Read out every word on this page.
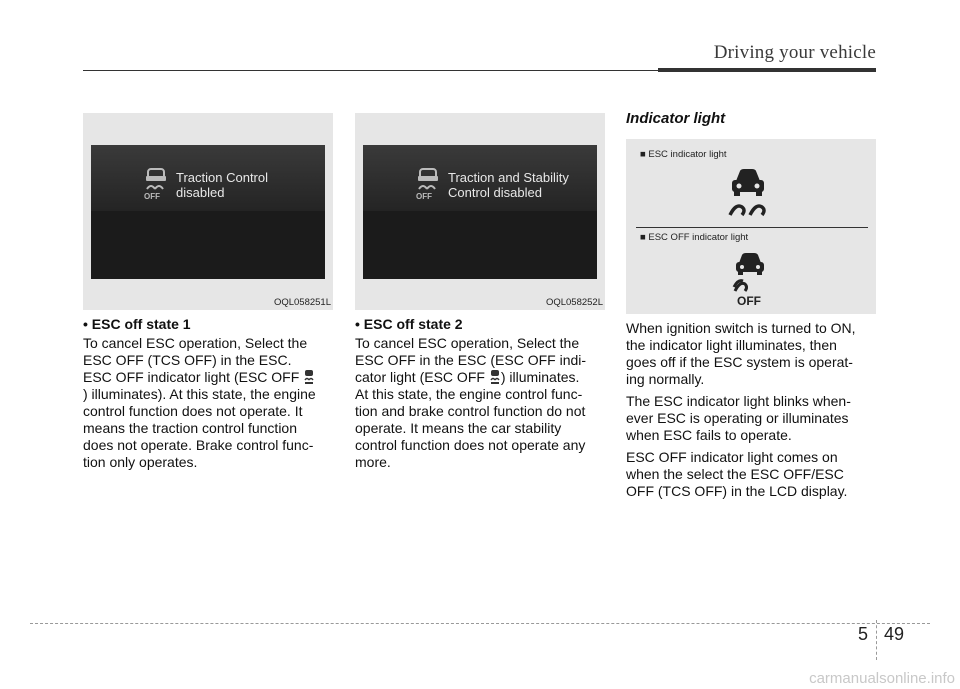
Driving your vehicle
OFF
Traction Control
disabled
OQL058251L
OFF
Traction and Stability
Control disabled
OQL058252L
• ESC off state 1
To cancel ESC operation, Select the
ESC OFF (TCS OFF) in the ESC.
ESC OFF indicator light (ESC OFF
) illuminates). At this state, the engine
control function does not operate. It
means the traction control function
does not operate. Brake control func-
tion only operates.
• ESC off state 2
To cancel ESC operation, Select the
ESC OFF in the ESC (ESC OFF indi-
cator light (ESC OFF ) illuminates.
At this state, the engine control func-
tion and brake control function do not
operate. It means the car stability
control function does not operate any
more.
Indicator light
■ ESC indicator light
■ ESC OFF indicator light
OFF
When ignition switch is turned to ON,
the indicator light illuminates, then
goes off if the ESC system is operat-
ing normally.
The ESC indicator light blinks when-
ever ESC is operating or illuminates
when ESC fails to operate.
ESC OFF indicator light comes on
when the select the ESC OFF/ESC
OFF (TCS OFF) in the LCD display.
5 49
carmanualsonline.info
